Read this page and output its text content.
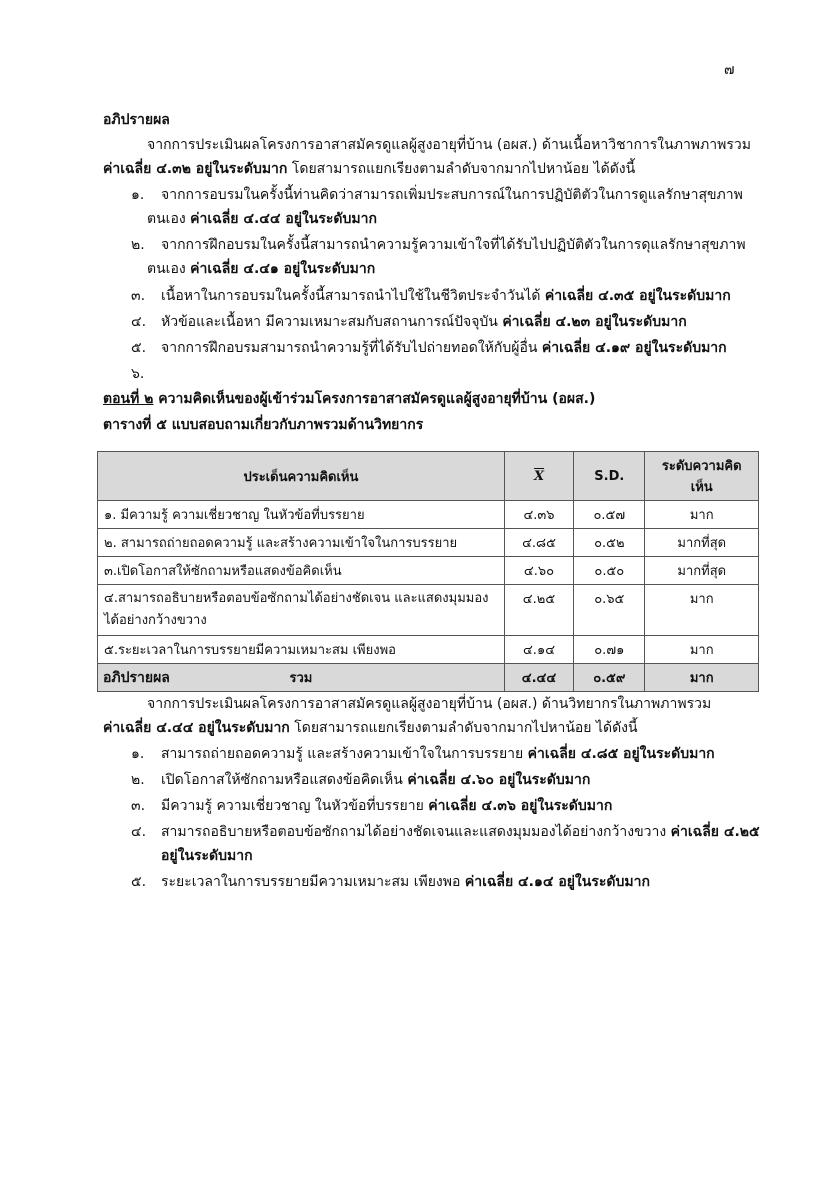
๗
อภิปรายผล
จากการประเมินผลโครงการอาสาสมัครดูแลผู้สูงอายุที่บ้าน (อผส.) ด้านเนื้อหาวิชาการในภาพภาพรวม
ค่าเฉลี่ย ๔.๓๒ อยู่ในระดับมาก โดยสามารถแยกเรียงตามลำดับจากมากไปหาน้อย ได้ดังนี้
๑. จากการอบรมในครั้งนี้ท่านคิดว่าสามารถเพิ่มประสบการณ์ในการปฏิบัติตัวในการดูแลรักษาสุขภาพ
ตนเอง ค่าเฉลี่ย ๔.๔๔ อยู่ในระดับมาก
๒. จากการฝึกอบรมในครั้งนี้สามารถนำความรู้ความเข้าใจที่ได้รับไปปฏิบัติตัวในการดุแลรักษาสุขภาพ
ตนเอง ค่าเฉลี่ย ๔.๔๑ อยู่ในระดับมาก
๓. เนื้อหาในการอบรมในครั้งนี้สามารถนำไปใช้ในชีวิตประจำวันได้ ค่าเฉลี่ย ๔.๓๕ อยู่ในระดับมาก
๔. หัวข้อและเนื้อหา มีความเหมาะสมกับสถานการณ์ปัจจุบัน ค่าเฉลี่ย ๔.๒๓ อยู่ในระดับมาก
๕. จากการฝึกอบรมสามารถนำความรู้ที่ได้รับไปถ่ายทอดให้กับผู้อื่น ค่าเฉลี่ย ๔.๑๙ อยู่ในระดับมาก
๖.
ตอนที่ ๒ ความคิดเห็นของผู้เข้าร่วมโครงการอาสาสมัครดูแลผู้สูงอายุที่บ้าน (อผส.)
ตารางที่ ๕ แบบสอบถามเกี่ยวกับภาพรวมด้านวิทยากร
ประเด็นความคิดเห็น	$\overline{X}$	S.D.	ระดับความคิดเห็น
๑. มีความรู้ ความเชี่ยวชาญ ในหัวข้อที่บรรยาย	๔.๓๖	๐.๕๗	มาก
๒. สามารถถ่ายถอดความรู้ และสร้างความเข้าใจในการบรรยาย	๔.๘๕	๐.๕๒	มากที่สุด
๓.เปิดโอกาสให้ซักถามหรือแสดงข้อคิดเห็น	๔.๖๐	๐.๕๐	มากที่สุด
๔.สามารถอธิบายหรือตอบข้อซักถามได้อย่างชัดเจน และแสดงมุมมองได้อย่างกว้างขวาง	๔.๒๕	๐.๖๕	มาก
๕.ระยะเวลาในการบรรยายมีความเหมาะสม เพียงพอ	๔.๑๔	๐.๗๑	มาก
รวม	๔.๔๔	๐.๕๙	มาก
อภิปรายผล
จากการประเมินผลโครงการอาสาสมัครดูแลผู้สูงอายุที่บ้าน (อผส.) ด้านวิทยากรในภาพภาพรวม
ค่าเฉลี่ย ๔.๔๔ อยู่ในระดับมาก โดยสามารถแยกเรียงตามลำดับจากมากไปหาน้อย ได้ดังนี้
๑. สามารถถ่ายถอดความรู้ และสร้างความเข้าใจในการบรรยาย ค่าเฉลี่ย ๔.๘๕ อยู่ในระดับมาก
๒. เปิดโอกาสให้ซักถามหรือแสดงข้อคิดเห็น ค่าเฉลี่ย ๔.๖๐ อยู่ในระดับมาก
๓. มีความรู้ ความเชี่ยวชาญ ในหัวข้อที่บรรยาย ค่าเฉลี่ย ๔.๓๖ อยู่ในระดับมาก
๔. สามารถอธิบายหรือตอบข้อซักถามได้อย่างชัดเจนและแสดงมุมมองได้อย่างกว้างขวาง ค่าเฉลี่ย ๔.๒๕
อยู่ในระดับมาก
๕. ระยะเวลาในการบรรยายมีความเหมาะสม เพียงพอ ค่าเฉลี่ย ๔.๑๔ อยู่ในระดับมาก
